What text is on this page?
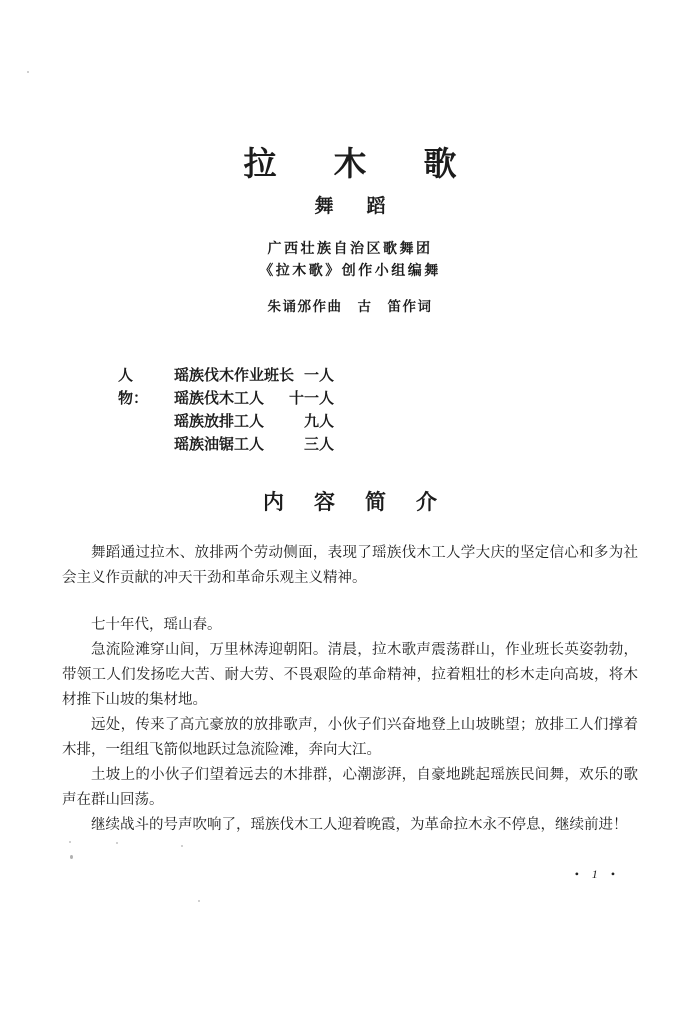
拉　木　歌
舞　蹈
广西壮族自治区歌舞团
《拉木歌》创作小组编舞
朱诵邠作曲　古　笛作词
人　物：
瑶族伐木作业班长 一人
瑶族伐木工人 十一人
瑶族放排工人	九人
瑶族油锯工人	三人
内　容　简　介

舞蹈通过拉木、放排两个劳动侧面，表现了瑶族伐木工人学大庆的坚定信心和多为社会主义作贡献的冲天干劲和革命乐观主义精神。

七十年代，瑶山春。

急流险滩穿山间，万里林涛迎朝阳。清晨，拉木歌声震荡群山，作业班长英姿勃勃，带领工人们发扬吃大苦、耐大劳、不畏艰险的革命精神，拉着粗壮的杉木走向高坡，将木材推下山坡的集材地。

远处，传来了高亢豪放的放排歌声，小伙子们兴奋地登上山坡眺望；放排工人们撑着木排，一组组飞箭似地跃过急流险滩，奔向大江。

土坡上的小伙子们望着远去的木排群，心潮澎湃，自豪地跳起瑶族民间舞，欢乐的歌声在群山回荡。

继续战斗的号声吹响了，瑶族伐木工人迎着晚霞，为革命拉木永不停息，继续前进！

• 1 •
